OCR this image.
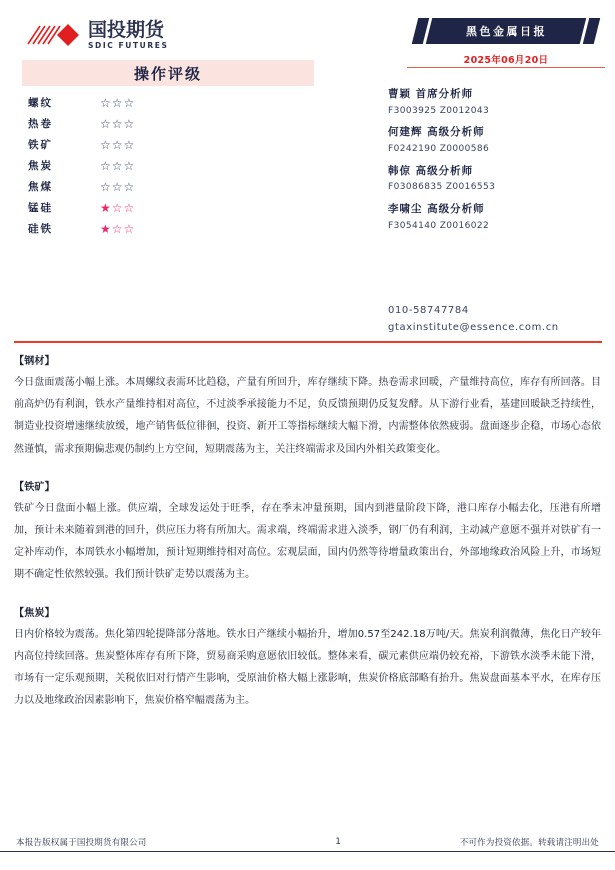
国投期货
SDIC FUTURES
操作评级
螺纹	☆☆☆
热卷	☆☆☆
铁矿	☆☆☆
焦炭	☆☆☆
焦煤	☆☆☆
锰硅	★☆☆
硅铁	★☆☆
黑色金属日报
2025年06月20日
曹颖 首席分析师
F3003925 Z0012043
何建辉 高级分析师
F0242190 Z0000586
韩倞 高级分析师
F03086835 Z0016553
李啸尘 高级分析师
F3054140 Z0016022
010-58747784
gtaxinstitute@essence.com.cn
【钢材】
今日盘面震荡小幅上涨。本周螺纹表需环比趋稳，产量有所回升，库存继续下降。热卷需求回暖，产量维持高位，库存有所回落。目前高炉仍有利润，铁水产量维持相对高位，不过淡季承接能力不足，负反馈预期仍反复发酵。从下游行业看，基建回暖缺乏持续性，制造业投资增速继续放缓，地产销售低位徘徊，投资、新开工等指标继续大幅下滑，内需整体依然疲弱。盘面逐步企稳，市场心态依然谨慎，需求预期偏悲观仍制约上方空间，短期震荡为主，关注终端需求及国内外相关政策变化。
【铁矿】
铁矿今日盘面小幅上涨。供应端，全球发运处于旺季，存在季末冲量预期，国内到港量阶段下降，港口库存小幅去化，压港有所增加，预计未来随着到港的回升，供应压力将有所加大。需求端，终端需求进入淡季，钢厂仍有利润，主动减产意愿不强并对铁矿有一定补库动作，本周铁水小幅增加，预计短期维持相对高位。宏观层面，国内仍然等待增量政策出台，外部地缘政治风险上升，市场短期不确定性依然较强。我们预计铁矿走势以震荡为主。
【焦炭】
日内价格较为震荡。焦化第四轮提降部分落地。铁水日产继续小幅抬升，增加0.57至242.18万吨/天。焦炭利润微薄，焦化日产较年内高位持续回落。焦炭整体库存有所下降，贸易商采购意愿依旧较低。整体来看，碳元素供应端仍较充裕，下游铁水淡季未能下滑，市场有一定乐观预期，关税依旧对行情产生影响，受原油价格大幅上涨影响，焦炭价格底部略有抬升。焦炭盘面基本平水，在库存压力以及地缘政治因素影响下，焦炭价格窄幅震荡为主。
本报告版权属于国投期货有限公司	1	不可作为投资依据。转载请注明出处
